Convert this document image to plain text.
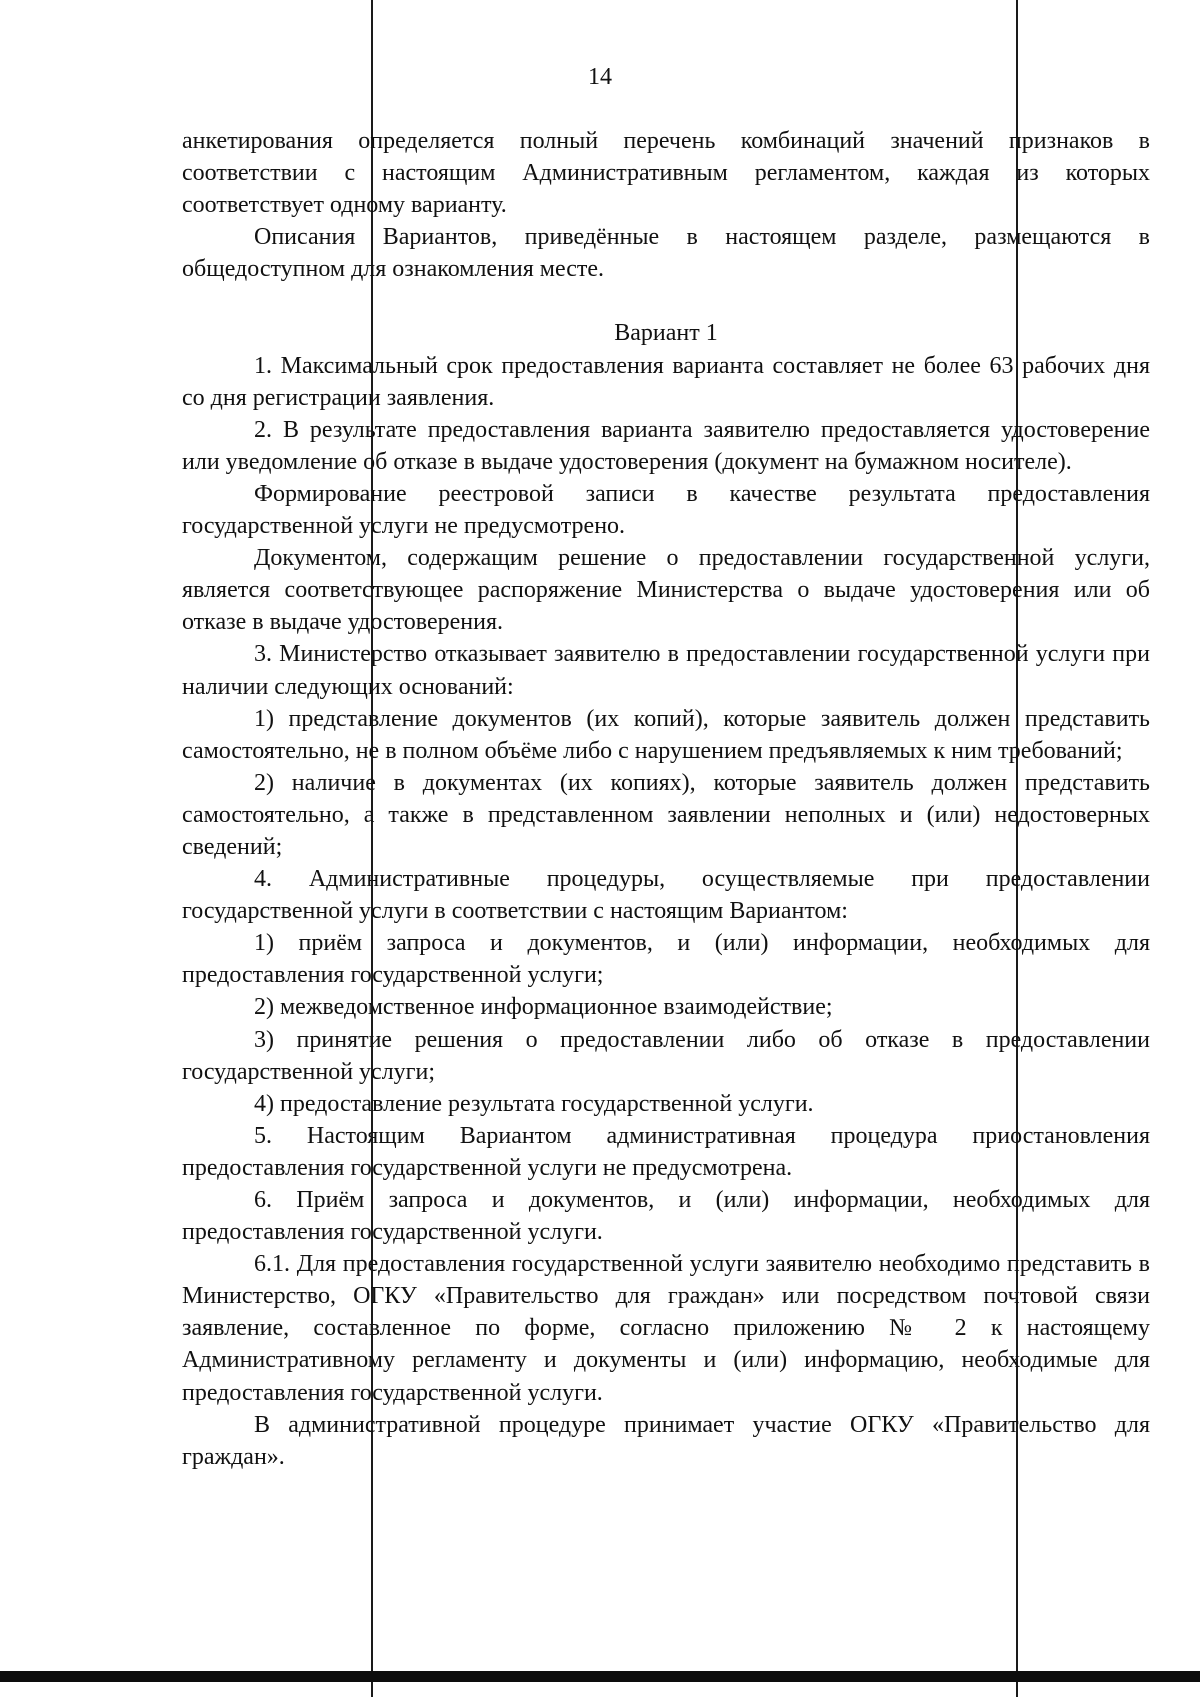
14

анкетирования определяется полный перечень комбинаций значений признаков в соответствии с настоящим Административным регламентом, каждая из которых соответствует одному варианту.

Описания Вариантов, приведённые в настоящем разделе, размещаются в общедоступном для ознакомления месте.

Вариант 1

1. Максимальный срок предоставления варианта составляет не более 63 рабочих дня со дня регистрации заявления.

2. В результате предоставления варианта заявителю предоставляется удостоверение или уведомление об отказе в выдаче удостоверения (документ на бумажном носителе).

Формирование реестровой записи в качестве результата предоставления государственной услуги не предусмотрено.

Документом, содержащим решение о предоставлении государственной услуги, является соответствующее распоряжение Министерства о выдаче удостоверения или об отказе в выдаче удостоверения.

3. Министерство отказывает заявителю в предоставлении государственной услуги при наличии следующих оснований:

1) представление документов (их копий), которые заявитель должен представить самостоятельно, не в полном объёме либо с нарушением предъявляемых к ним требований;

2) наличие в документах (их копиях), которые заявитель должен представить самостоятельно, а также в представленном заявлении неполных и (или) недостоверных сведений;

4. Административные процедуры, осуществляемые при предоставлении государственной услуги в соответствии с настоящим Вариантом:

1) приём запроса и документов, и (или) информации, необходимых для предоставления государственной услуги;

2) межведомственное информационное взаимодействие;

3) принятие решения о предоставлении либо об отказе в предоставлении государственной услуги;

4) предоставление результата государственной услуги.

5. Настоящим Вариантом административная процедура приостановления предоставления государственной услуги не предусмотрена.

6. Приём запроса и документов, и (или) информации, необходимых для предоставления государственной услуги.

6.1. Для предоставления государственной услуги заявителю необходимо представить в Министерство, ОГКУ «Правительство для граждан» или посредством почтовой связи заявление, составленное по форме, согласно приложению № 2 к настоящему Административному регламенту и документы и (или) информацию, необходимые для предоставления государственной услуги.

В административной процедуре принимает участие ОГКУ «Правительство для граждан».
